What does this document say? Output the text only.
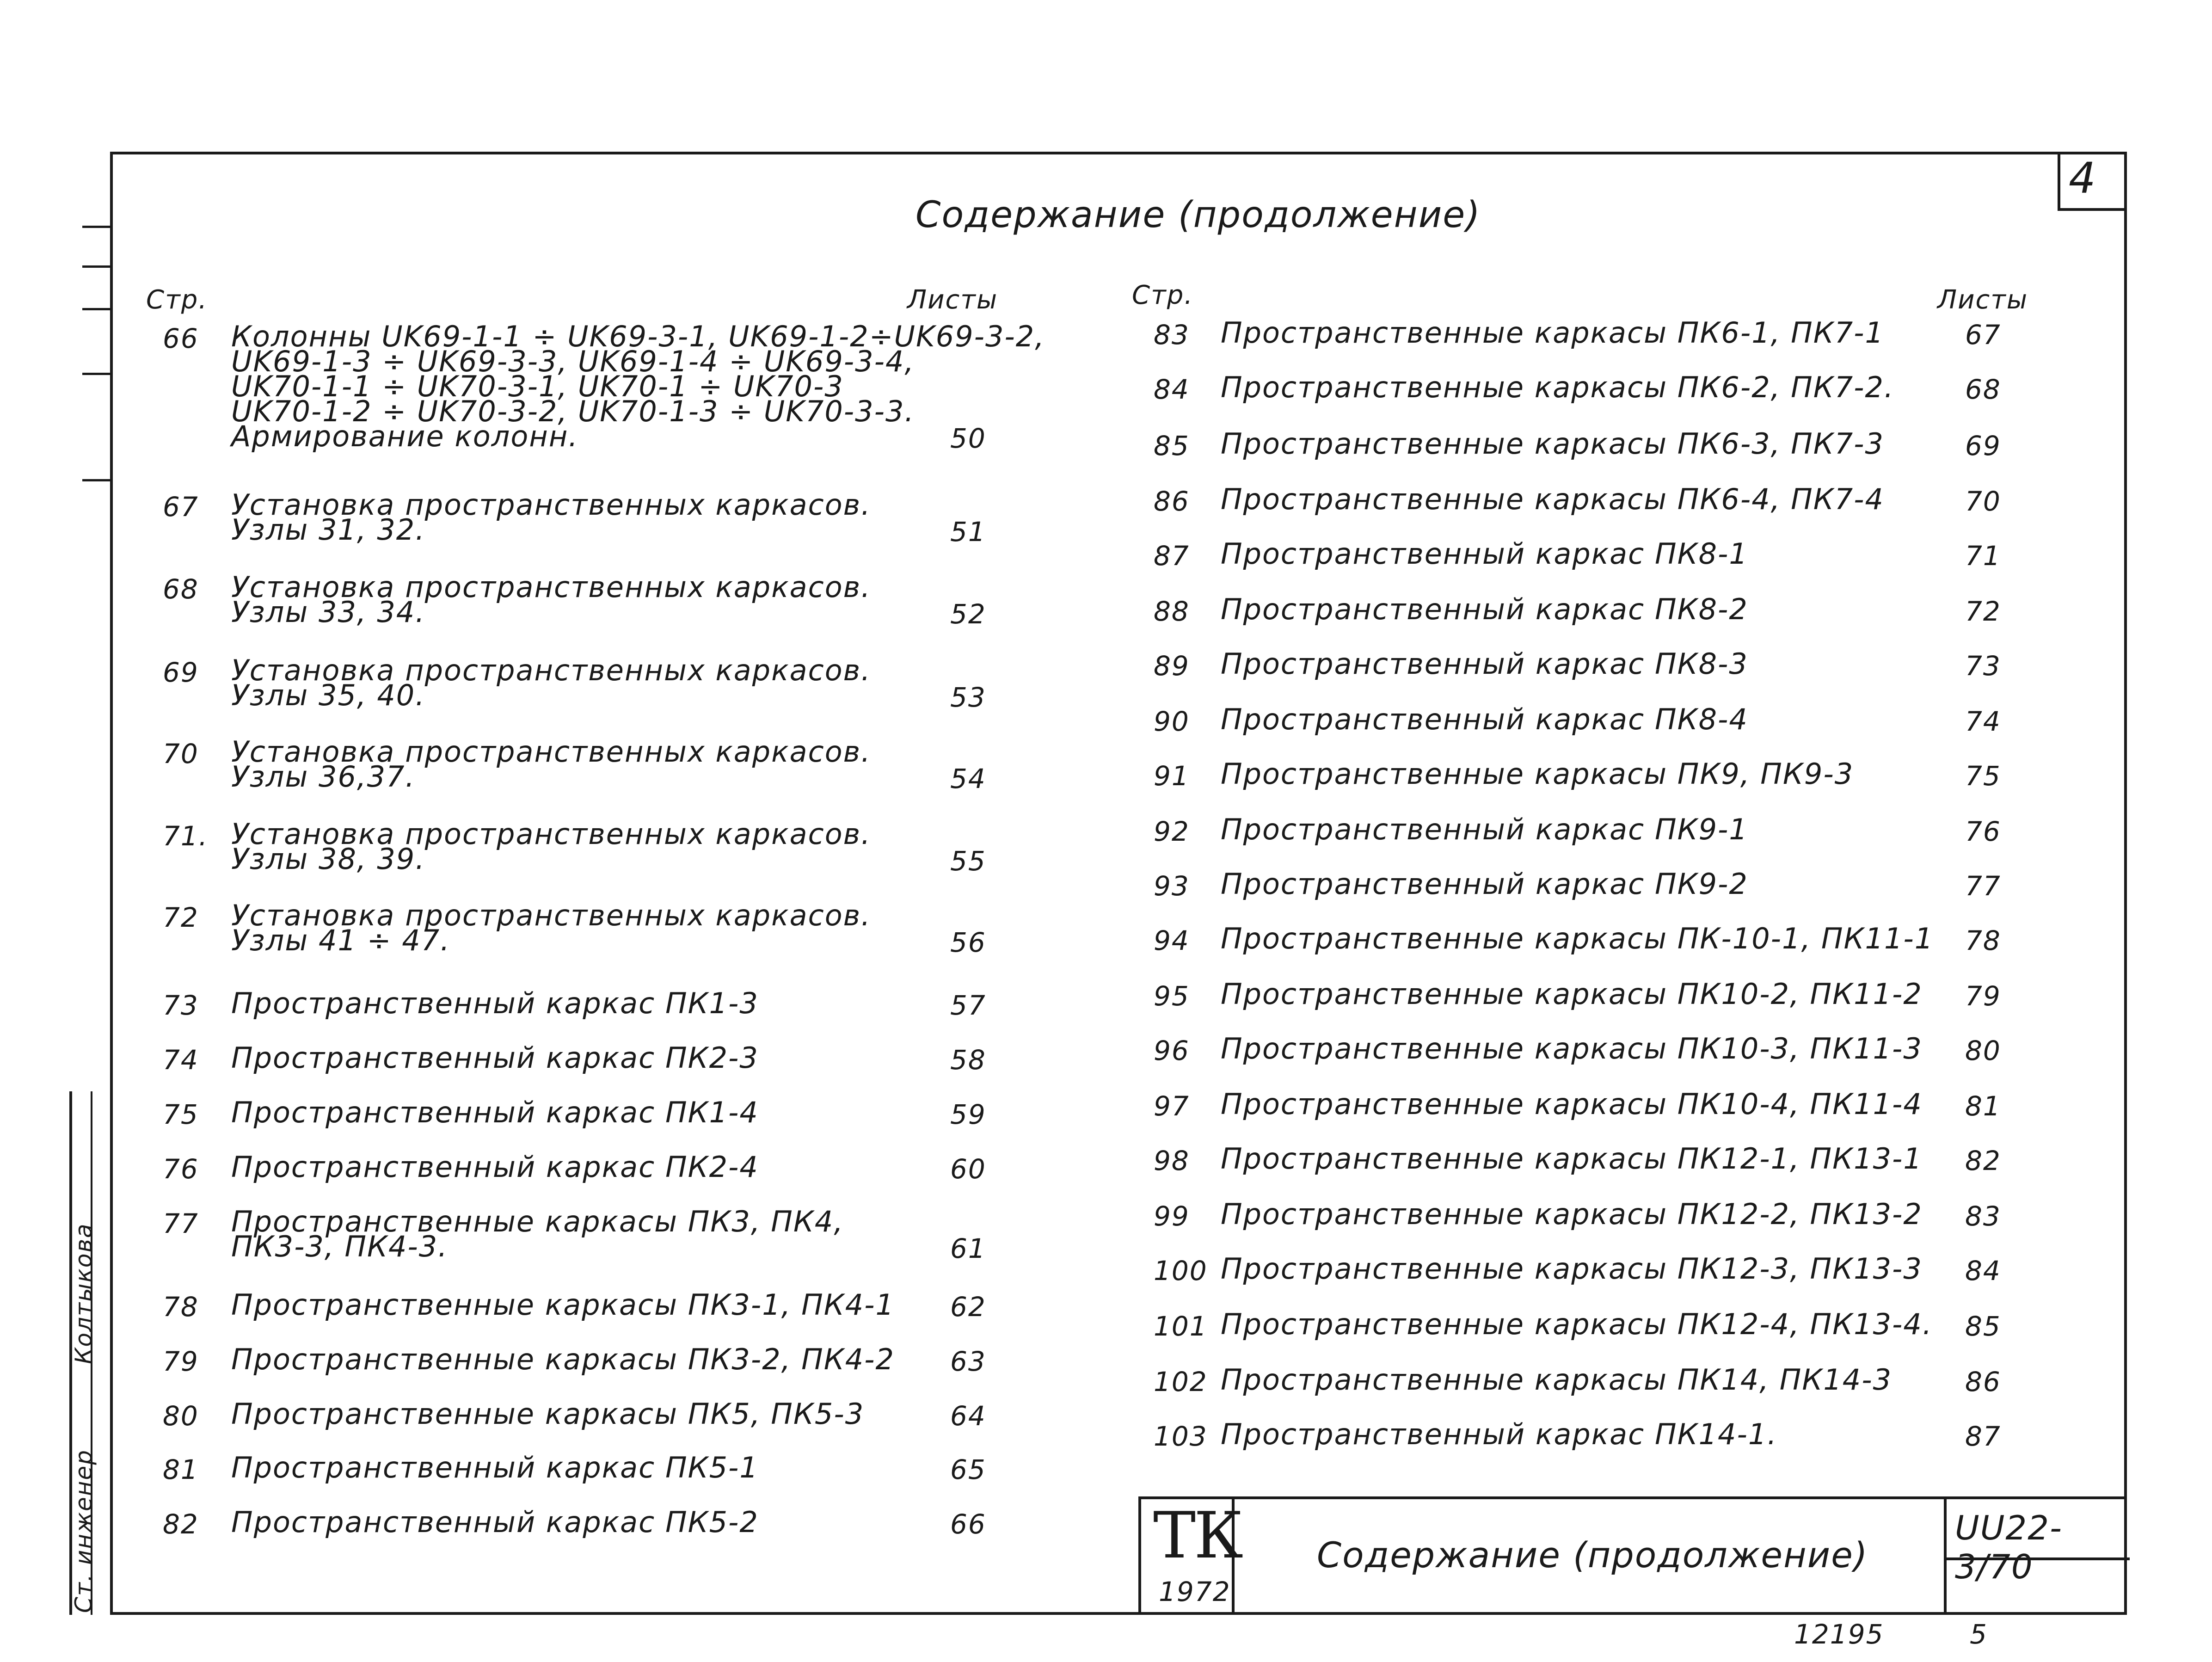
4
Содержание (продолжение)
Стр.	Листы	Стр.	Листы
66	Колонны UK69-1-1 ÷ UK69-3-1, UK69-1-2÷UK69-3-2,
UK69-1-3 ÷ UK69-3-3, UK69-1-4 ÷ UK69-3-4,
UK70-1-1 ÷ UK70-3-1, UK70-1 ÷ UK70-3
UK70-1-2 ÷ UK70-3-2, UK70-1-3 ÷ UK70-3-3.
Армирование колонн.	50
67	Установка пространственных каркасов.
Узлы 31, 32.	51
68	Установка пространственных каркасов.
Узлы 33, 34.	52
69	Установка пространственных каркасов.
Узлы 35, 40.	53
70	Установка пространственных каркасов.
Узлы 36,37.	54
71. Установка пространственных каркасов.
Узлы 38, 39.	55
72	Установка пространственных каркасов.
Узлы 41 ÷ 47.	56
73	Пространственный каркас ПК1-3	57
74	Пространственный каркас ПК2-3	58
75	Пространственный каркас ПК1-4	59
76	Пространственный каркас ПК2-4	60
77	Пространственные каркасы ПК3, ПК4,
ПК3-3, ПК4-3.	61
78	Пространственные каркасы ПК3-1, ПК4-1 62
79	Пространственные каркасы ПК3-2, ПК4-2 63
80	Пространственные каркасы ПК5, ПК5-3	64
81	Пространственный каркас ПК5-1	65
82	Пространственный каркас ПК5-2	66
83	Пространственные каркасы ПК6-1, ПК7-1	67
84	Пространственные каркасы ПК6-2, ПК7-2.	68
85	Пространственные каркасы ПК6-3, ПК7-3	69
86	Пространственные каркасы ПК6-4, ПК7-4	70
87	Пространственный каркас ПК8-1	71
88	Пространственный каркас ПК8-2	72
89	Пространственный каркас ПК8-3	73
90	Пространственный каркас ПК8-4	74
91	Пространственные каркасы ПК9, ПК9-3	75
92	Пространственный каркас ПК9-1	76
93	Пространственный каркас ПК9-2	77
94	Пространственные каркасы ПК-10-1, ПК11-1 78
95	Пространственные каркасы ПК10-2, ПК11-2 79
96	Пространственные каркасы ПК10-3, ПК11-3 80
97	Пространственные каркасы ПК10-4, ПК11-4 81
98	Пространственные каркасы ПК12-1, ПК13-1 82
99	Пространственные каркасы ПК12-2, ПК13-2 83
100 Пространственные каркасы ПК12-3, ПК13-3 84
101 Пространственные каркасы ПК12-4, ПК13-4. 85
102 Пространственные каркасы ПК14, ПК14-3	86
103 Пространственный каркас ПК14-1.	87
ТК
1972
Содержание (продолжение)
UU22-3/70
Ст. инженер
Колтыкова
12195	5
